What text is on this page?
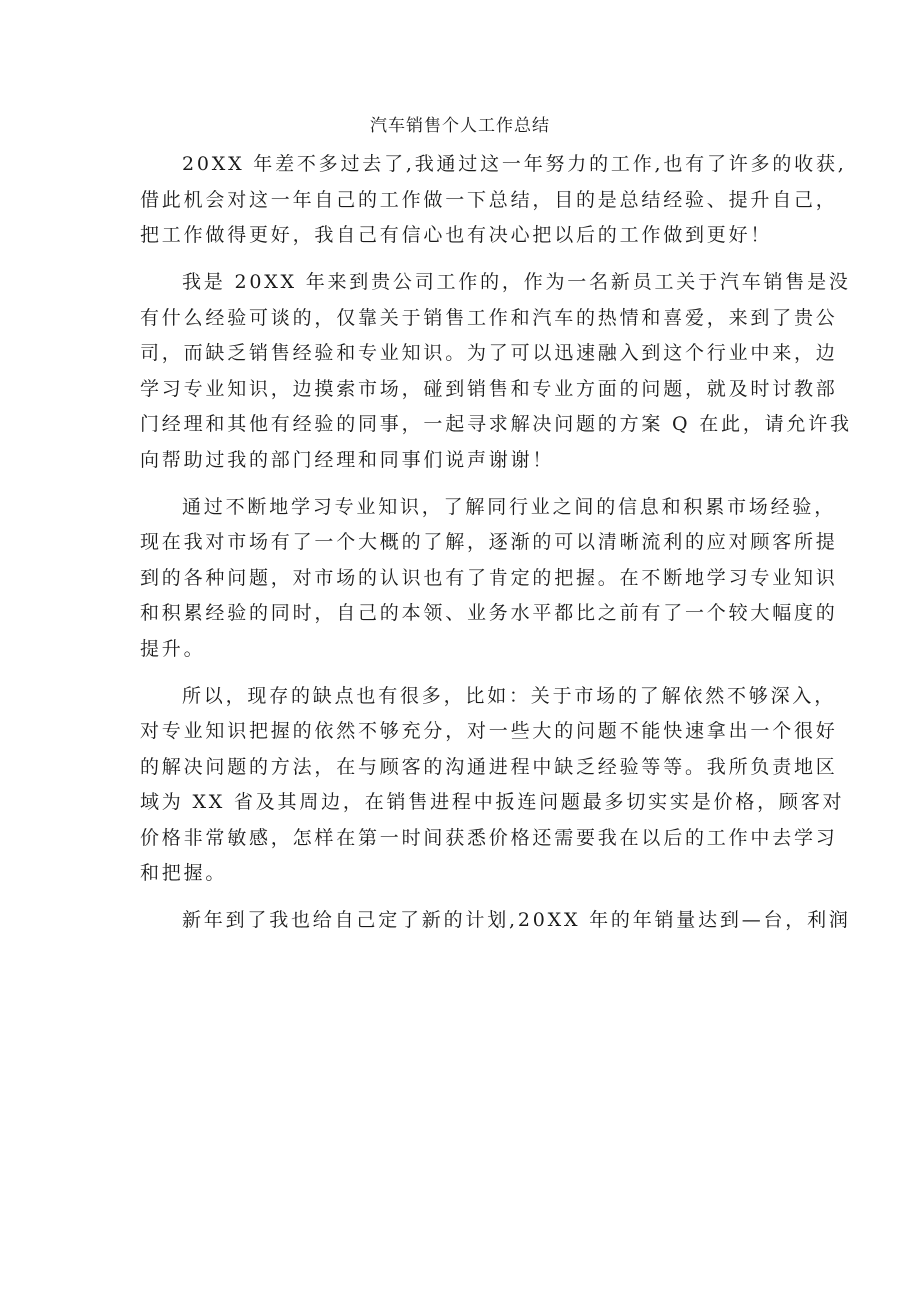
汽车销售个人工作总结
20XX 年差不多过去了,我通过这一年努力的工作,也有了许多的收获,
借此机会对这一年自己的工作做一下总结，目的是总结经验、提升自己，
把工作做得更好，我自己有信心也有决心把以后的工作做到更好！
我是 20XX 年来到贵公司工作的，作为一名新员工关于汽车销售是没
有什么经验可谈的，仅靠关于销售工作和汽车的热情和喜爱，来到了贵公
司，而缺乏销售经验和专业知识。为了可以迅速融入到这个行业中来，边
学习专业知识，边摸索市场，碰到销售和专业方面的问题，就及时讨教部
门经理和其他有经验的同事，一起寻求解决问题的方案 Q 在此，请允许我
向帮助过我的部门经理和同事们说声谢谢！
通过不断地学习专业知识，了解同行业之间的信息和积累市场经验，
现在我对市场有了一个大概的了解，逐渐的可以清晰流利的应对顾客所提
到的各种问题，对市场的认识也有了肯定的把握。在不断地学习专业知识
和积累经验的同时，自己的本领、业务水平都比之前有了一个较大幅度的
提升。
所以，现存的缺点也有很多，比如：关于市场的了解依然不够深入，
对专业知识把握的依然不够充分，对一些大的问题不能快速拿出一个很好
的解决问题的方法，在与顾客的沟通进程中缺乏经验等等。我所负责地区
域为 XX 省及其周边，在销售进程中扳连问题最多切实实是价格，顾客对
价格非常敏感，怎样在第一时间获悉价格还需要我在以后的工作中去学习
和把握。
新年到了我也给自己定了新的计划,20XX 年的年销量达到—台，利润
